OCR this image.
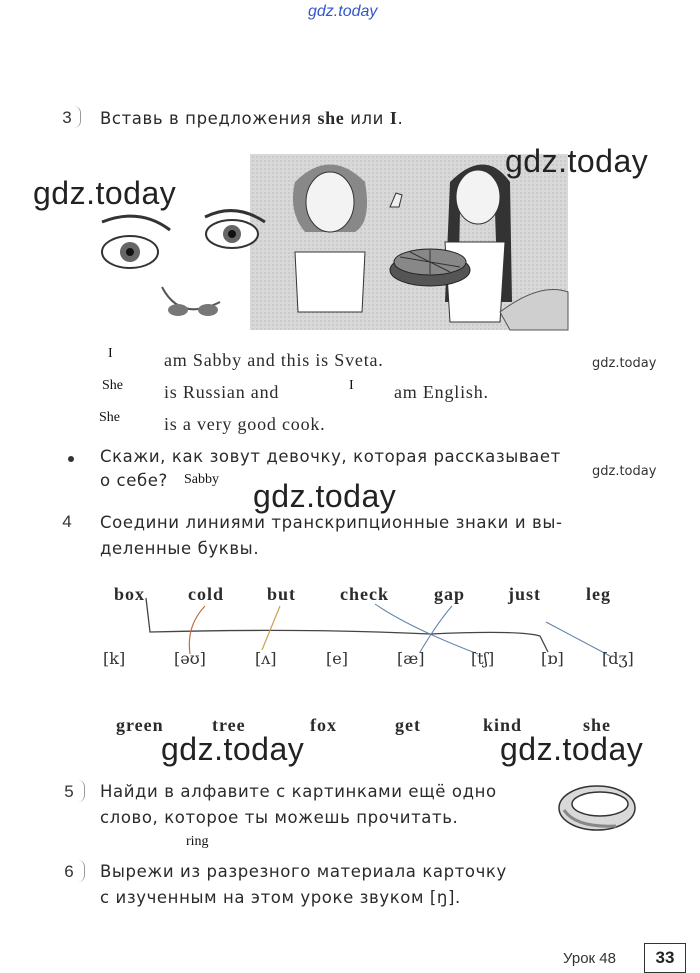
gdz.today
3 Вставь в предложения she или I.
gdz.today
gdz.today
I	am Sabby and this is Sveta.
She is Russian and	I am English.
She is a very good cook.
gdz.today
Скажи, как зовут девочку, которая рассказывает
о себе? Sabby
gdz.today
gdz.today
4 Соедини линиями транскрипционные знаки и вы-
деленные буквы.
box cold but check	gap just leg
[k]	[əʊ]	[ʌ]	[e]	[æ]	[tʃ]	[ɒ] [dʒ]
green	tree	fox	get	kind	she
gdz.today	gdz.today
5 Найди в алфавите с картинками ещё одно
слово, которое ты можешь прочитать.
ring
6 Вырежи из разрезного материала карточку
с изученным на этом уроке звуком [ŋ].
Урок 48	33
